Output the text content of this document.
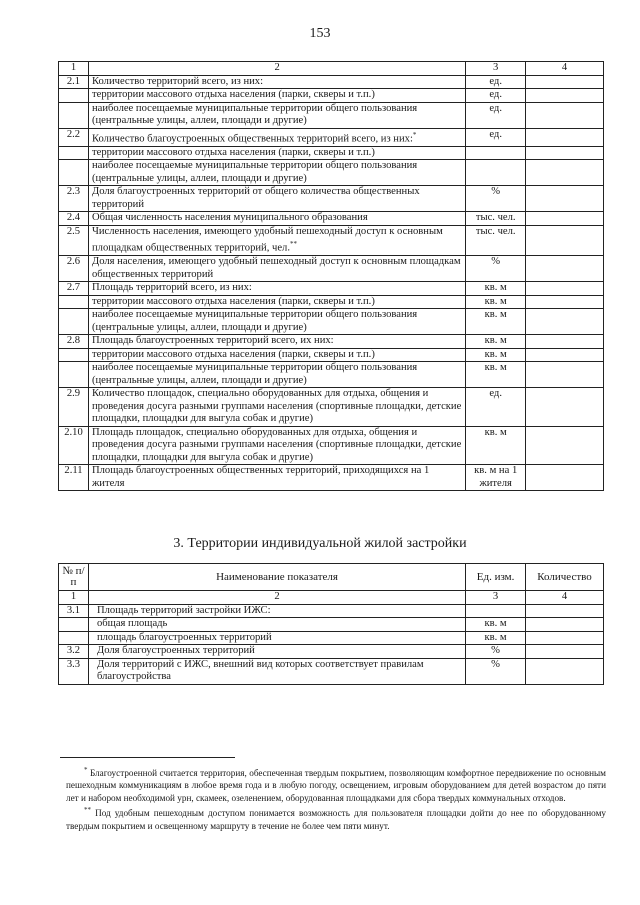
153
1	2	3	4
2.1	Количество территорий всего, из них:	ед.	
	территории массового отдыха населения (парки, скверы и т.п.)	ед.	
	наиболее посещаемые муниципальные территории общего пользования (центральные улицы, аллеи, площади и другие)	ед.	
2.2	Количество благоустроенных общественных территорий всего, из них:*	ед.	
	территории массового отдыха населения (парки, скверы и т.п.)		
	наиболее посещаемые муниципальные территории общего пользования (центральные улицы, аллеи, площади и другие)		
2.3	Доля благоустроенных территорий от общего количества общественных территорий	%	
2.4	Общая численность населения муниципального образования	тыс. чел.	
2.5	Численность населения, имеющего удобный пешеходный доступ к основным площадкам общественных территорий, чел.**	тыс. чел.	
2.6	Доля населения, имеющего удобный пешеходный доступ к основным площадкам общественных территорий	%	
2.7	Площадь территорий всего, из них:	кв. м	
	территории массового отдыха населения (парки, скверы и т.п.)	кв. м	
	наиболее посещаемые муниципальные территории общего пользования (центральные улицы, аллеи, площади и другие)	кв. м	
2.8	Площадь благоустроенных территорий всего, их них:	кв. м	
	территории массового отдыха населения (парки, скверы и т.п.)	кв. м	
	наиболее посещаемые муниципальные территории общего пользования (центральные улицы, аллеи, площади и другие)	кв. м	
2.9	Количество площадок, специально оборудованных для отдыха, общения и проведения досуга разными группами населения (спортивные площадки, детские площадки, площадки для выгула собак и другие)	ед.	
2.10	Площадь площадок, специально оборудованных для отдыха, общения и проведения досуга разными группами населения (спортивные площадки, детские площадки, площадки для выгула собак и другие)	кв. м	
2.11	Площадь благоустроенных общественных территорий, приходящихся на 1 жителя	кв. м на 1 жителя	
3. Территории индивидуальной жилой застройки
№ п/п	Наименование показателя	Ед. изм.	Количество
1	2	3	4
3.1	Площадь территорий застройки ИЖС:		
	общая площадь	кв. м	
	площадь благоустроенных территорий	кв. м	
3.2	Доля благоустроенных территорий	%	
3.3	Доля территорий с ИЖС, внешний вид которых соответствует правилам благоустройства	%	

* Благоустроенной считается территория, обеспеченная твердым покрытием, позволяющим комфортное передвижение по основным пешеходным коммуникациям в любое время года и в любую погоду, освещением, игровым оборудованием для детей возрастом до пяти лет и набором необходимой урн, скамеек, озеленением, оборудованная площадками для сбора твердых коммунальных отходов.

** Под удобным пешеходным доступом понимается возможность для пользователя площадки дойти до нее по оборудованному твердым покрытием и освещенному маршруту в течение не более чем пяти минут.
